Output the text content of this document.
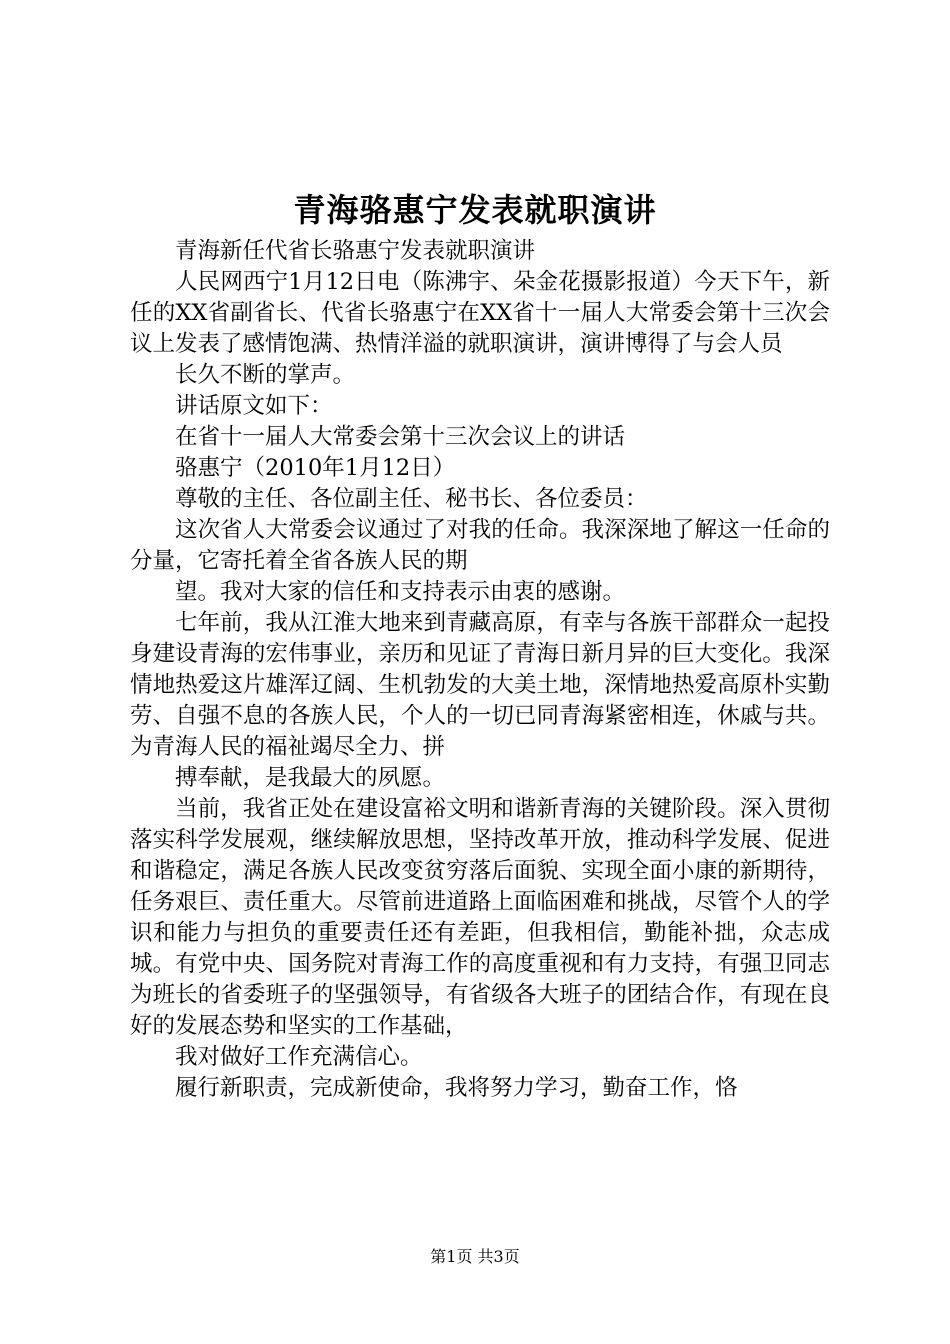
青海骆惠宁发表就职演讲

青海新任代省长骆惠宁发表就职演讲

人民网西宁1月12日电（陈沸宇、朵金花摄影报道）今天下午，新任的XX省副省长、代省长骆惠宁在XX省十一届人大常委会第十三次会议上发表了感情饱满、热情洋溢的就职演讲，演讲博得了与会人员

长久不断的掌声。

讲话原文如下：

在省十一届人大常委会第十三次会议上的讲话

骆惠宁（2010年1月12日）

尊敬的主任、各位副主任、秘书长、各位委员：

这次省人大常委会议通过了对我的任命。我深深地了解这一任命的分量，它寄托着全省各族人民的期

望。我对大家的信任和支持表示由衷的感谢。

七年前，我从江淮大地来到青藏高原，有幸与各族干部群众一起投身建设青海的宏伟事业，亲历和见证了青海日新月异的巨大变化。我深情地热爱这片雄浑辽阔、生机勃发的大美土地，深情地热爱高原朴实勤劳、自强不息的各族人民，个人的一切已同青海紧密相连，休戚与共。为青海人民的福祉竭尽全力、拼

搏奉献，是我最大的夙愿。

当前，我省正处在建设富裕文明和谐新青海的关键阶段。深入贯彻落实科学发展观，继续解放思想，坚持改革开放，推动科学发展、促进和谐稳定，满足各族人民改变贫穷落后面貌、实现全面小康的新期待，任务艰巨、责任重大。尽管前进道路上面临困难和挑战，尽管个人的学识和能力与担负的重要责任还有差距，但我相信，勤能补拙，众志成城。有党中央、国务院对青海工作的高度重视和有力支持，有强卫同志为班长的省委班子的坚强领导，有省级各大班子的团结合作，有现在良好的发展态势和坚实的工作基础，

我对做好工作充满信心。

履行新职责，完成新使命，我将努力学习，勤奋工作，恪

第1页 共3页
